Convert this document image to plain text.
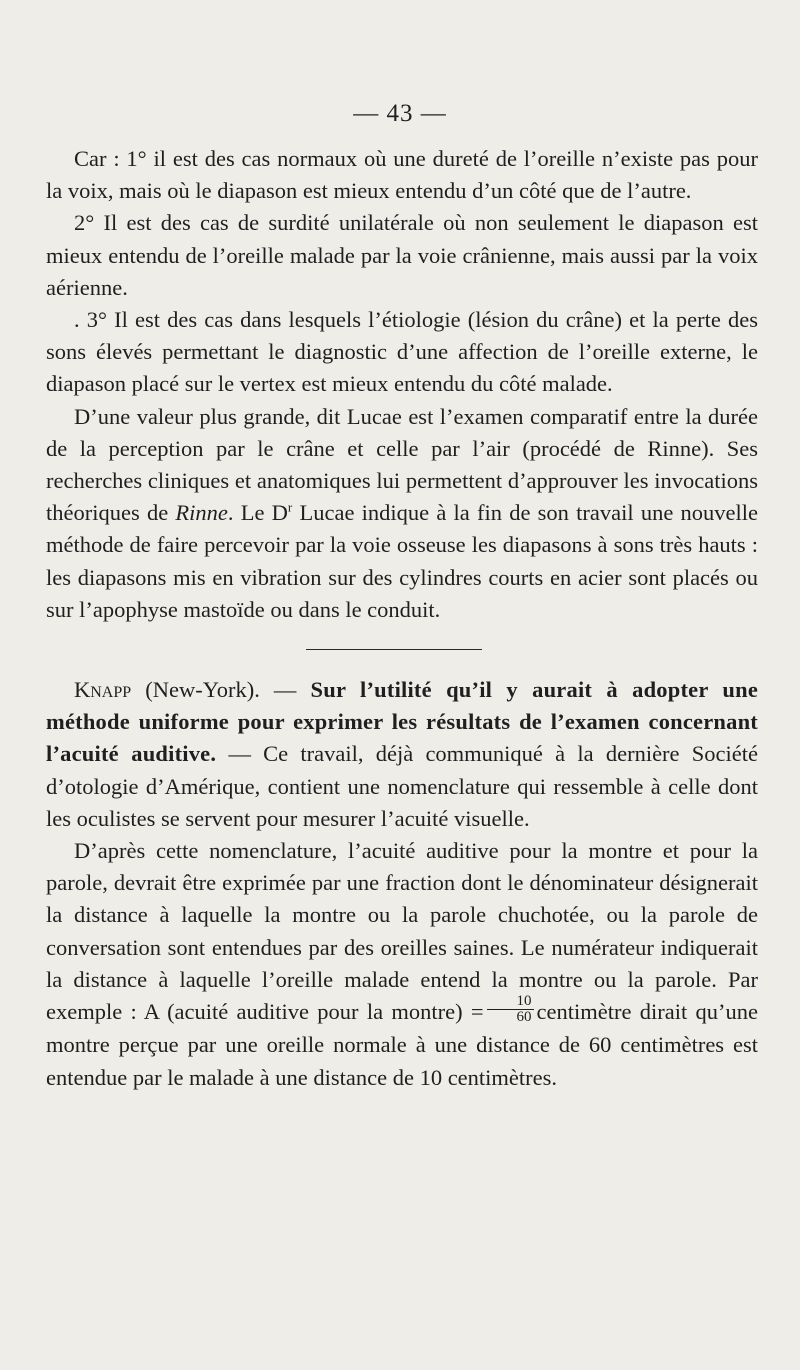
— 43 —

Car : 1° il est des cas normaux où une dureté de l’oreille n’existe pas pour la voix, mais où le diapason est mieux entendu d’un côté que de l’autre.

2° Il est des cas de surdité unilatérale où non seulement le diapason est mieux entendu de l’oreille malade par la voie crânienne, mais aussi par la voix aérienne.

. 3° Il est des cas dans lesquels l’étiologie (lésion du crâne) et la perte des sons élevés permettant le diagnostic d’une affection de l’oreille externe, le diapason placé sur le vertex est mieux entendu du côté malade.

D’une valeur plus grande, dit Lucae est l’examen comparatif entre la durée de la perception par le crâne et celle par l’air (procédé de Rinne). Ses recherches cliniques et anatomiques lui permettent d’approuver les invocations théoriques de Rinne. Le $D^r$ Lucae indique à la fin de son travail une nouvelle méthode de faire percevoir par la voie osseuse les diapasons à sons très hauts : les diapasons mis en vibration sur des cylindres courts en acier sont placés ou sur l’apophyse mastoïde ou dans le conduit.

Knapp (New-York). — Sur l’utilité qu’il y aurait à adopter une méthode uniforme pour exprimer les résultats de l’examen concernant l’acuité auditive. — Ce travail, déjà communiqué à la dernière Société d’otologie d’Amérique, contient une nomenclature qui ressemble à celle dont les oculistes se servent pour mesurer l’acuité visuelle.

D’après cette nomenclature, l’acuité auditive pour la montre et pour la parole, devrait être exprimée par une fraction dont le dénominateur désignerait la distance à laquelle la montre ou la parole chuchotée, ou la parole de conversation sont entendues par des oreilles saines. Le numérateur indiquerait la distance à laquelle l’oreille malade entend la montre ou la parole. Par exemple : A (acuité auditive pour la montre) = $\frac{10}{60}$ centimètre dirait qu’une montre perçue par une oreille normale à une distance de 60 centimètres est entendue par le malade à une distance de 10 centimètres.
